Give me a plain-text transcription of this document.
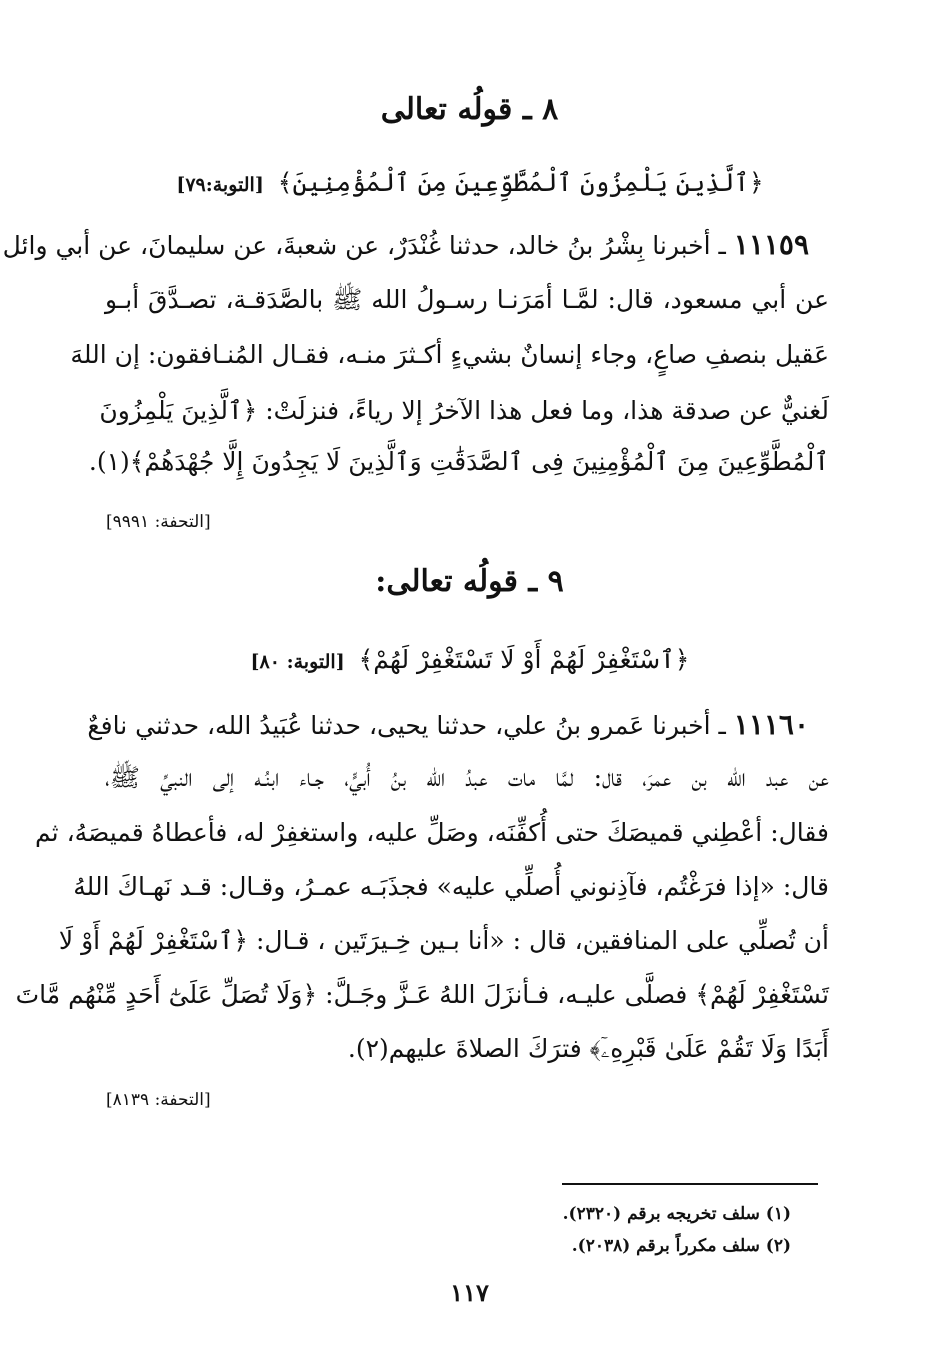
٨ ـ قولُه تعالى
﴿ٱلَّذِينَ يَلْمِزُونَ ٱلْمُطَّوِّعِينَ مِنَ ٱلْمُؤْمِنِينَ﴾ [التوبة:٧٩]
١١١٥٩ ـ أخبرنا بِشْرُ بنُ خالد، حدثنا غُنْدَرٌ، عن شعبةَ، عن سليمانَ، عن أبي وائل
عن أبي مسعود، قال: لمَّـا أمَرَنـا رسـولُ الله ﷺ بالصَّدَقـة، تصـدَّقَ أبـو
عَقيل بنصفِ صاعٍ، وجاء إنسانٌ بشيءٍ أكـثرَ منـه، فقـال المُنـافقون: إن اللهَ
لَغنيٌّ عن صدقة هذا، وما فعل هذا الآخرُ إلا رياءً، فنزلَتْ: ﴿ٱلَّذِينَ يَلْمِزُونَ
ٱلْمُطَّوِّعِينَ مِنَ ٱلْمُؤْمِنِينَ فِى ٱلصَّدَقَٰتِ وَٱلَّذِينَ لَا يَجِدُونَ إِلَّا جُهْدَهُمْ﴾(١).
[التحفة: ٩٩٩١]
٩ ـ قولُه تعالى:
﴿ٱسْتَغْفِرْ لَهُمْ أَوْ لَا تَسْتَغْفِرْ لَهُمْ﴾ [التوبة: ٨٠]
١١١٦٠ ـ أخبرنا عَمرو بنُ علي، حدثنا يحيى، حدثنا عُبَيدُ الله، حدثني نافعٌ
عن عبد الله بن عمرَ، قال: لمَّا مات عبدُ الله بنُ أُبيٍّ، جـاء ابنُـه إلى النبيِّ ﷺ،
فقال: أعْطِني قميصَكَ حتى أُكفِّنَه، وصَلِّ عليه، واستغفِرْ له، فأعطاهُ قميصَهُ، ثم
قال: «إذا فرَغْتُم، فآذِنوني أُصلِّي عليه» فجذَبَـه عمـرُ، وقـال: قـد نَهـاكَ اللهُ
أن تُصلِّي على المنافقين، قال : «أنا بـين خِـيرَتَين ، قـال: ﴿ٱسْتَغْفِرْ لَهُمْ أَوْ لَا
تَسْتَغْفِرْ لَهُمْ﴾ فصلَّى عليـه، فـأنزَلَ اللهُ عَـزَّ وجَـلَّ: ﴿وَلَا تُصَلِّ عَلَىٰٓ أَحَدٍ مِّنْهُم مَّاتَ
أَبَدًا وَلَا تَقُمْ عَلَىٰ قَبْرِهِۦٓ﴾ فترَكَ الصلاةَ عليهم(٢).
[التحفة: ٨١٣٩]
(١) سلف تخريجه برقم (٢٣٢٠).
(٢) سلف مكرراً برقم (٢٠٣٨).
١١٧
